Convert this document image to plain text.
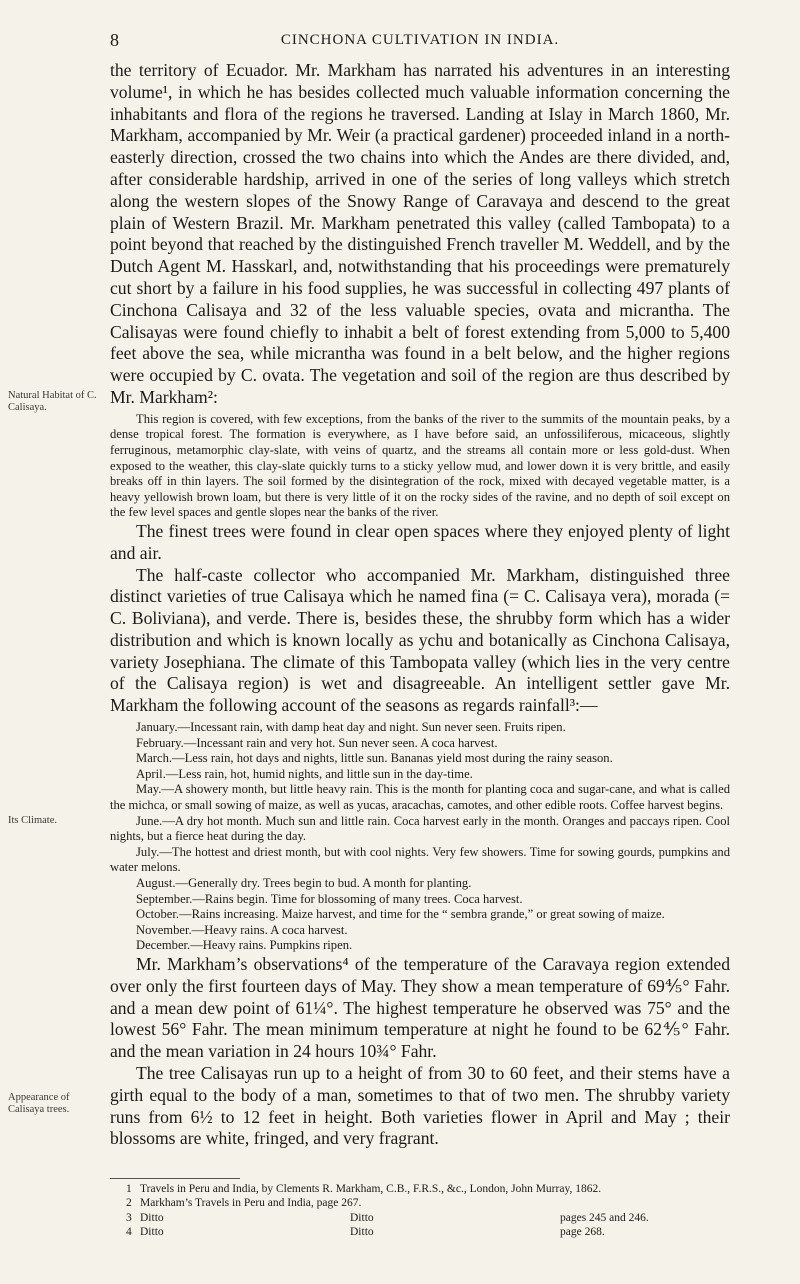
8	CINCHONA CULTIVATION IN INDIA.
Natural Habitat of C. Calisaya.
Its Climate.
Appearance of Calisaya trees.

the territory of Ecuador. Mr. Markham has narrated his adventures in an interesting volume¹, in which he has besides collected much valuable information concerning the inhabitants and flora of the regions he traversed. Landing at Islay in March 1860, Mr. Markham, accompanied by Mr. Weir (a practical gardener) proceeded inland in a north-easterly direction, crossed the two chains into which the Andes are there divided, and, after considerable hardship, arrived in one of the series of long valleys which stretch along the western slopes of the Snowy Range of Caravaya and descend to the great plain of Western Brazil. Mr. Markham penetrated this valley (called Tambopata) to a point beyond that reached by the distinguished French traveller M. Weddell, and by the Dutch Agent M. Hasskarl, and, notwithstanding that his proceedings were prematurely cut short by a failure in his food supplies, he was successful in collecting 497 plants of Cinchona Calisaya and 32 of the less valuable species, ovata and micrantha. The Calisayas were found chiefly to inhabit a belt of forest extending from 5,000 to 5,400 feet above the sea, while micrantha was found in a belt below, and the higher regions were occupied by C. ovata. The vegetation and soil of the region are thus described by Mr. Markham²:

This region is covered, with few exceptions, from the banks of the river to the summits of the mountain peaks, by a dense tropical forest. The formation is everywhere, as I have before said, an unfossiliferous, micaceous, slightly ferruginous, metamorphic clay-slate, with veins of quartz, and the streams all contain more or less gold-dust. When exposed to the weather, this clay-slate quickly turns to a sticky yellow mud, and lower down it is very brittle, and easily breaks off in thin layers. The soil formed by the disintegration of the rock, mixed with decayed vegetable matter, is a heavy yellowish brown loam, but there is very little of it on the rocky sides of the ravine, and no depth of soil except on the few level spaces and gentle slopes near the banks of the river.

The finest trees were found in clear open spaces where they enjoyed plenty of light and air.

The half-caste collector who accompanied Mr. Markham, distinguished three distinct varieties of true Calisaya which he named fina (= C. Calisaya vera), morada (= C. Boliviana), and verde. There is, besides these, the shrubby form which has a wider distribution and which is known locally as ychu and botanically as Cinchona Calisaya, variety Josephiana. The climate of this Tambopata valley (which lies in the very centre of the Calisaya region) is wet and disagreeable. An intelligent settler gave Mr. Markham the following account of the seasons as regards rainfall³:—

January.—Incessant rain, with damp heat day and night. Sun never seen. Fruits ripen.

February.—Incessant rain and very hot. Sun never seen. A coca harvest.

March.—Less rain, hot days and nights, little sun. Bananas yield most during the rainy season.

April.—Less rain, hot, humid nights, and little sun in the day-time.

May.—A showery month, but little heavy rain. This is the month for planting coca and sugar-cane, and what is called the michca, or small sowing of maize, as well as yucas, aracachas, camotes, and other edible roots. Coffee harvest begins.

June.—A dry hot month. Much sun and little rain. Coca harvest early in the month. Oranges and paccays ripen. Cool nights, but a fierce heat during the day.

July.—The hottest and driest month, but with cool nights. Very few showers. Time for sowing gourds, pumpkins and water melons.

August.—Generally dry. Trees begin to bud. A month for planting.

September.—Rains begin. Time for blossoming of many trees. Coca harvest.

October.—Rains increasing. Maize harvest, and time for the “ sembra grande,” or great sowing of maize.

November.—Heavy rains. A coca harvest.

December.—Heavy rains. Pumpkins ripen.

Mr. Markham’s observations⁴ of the temperature of the Caravaya region extended over only the first fourteen days of May. They show a mean temperature of 69⅘° Fahr. and a mean dew point of 61¼°. The highest temperature he observed was 75° and the lowest 56° Fahr. The mean minimum temperature at night he found to be 62⅘° Fahr. and the mean variation in 24 hours 10¾° Fahr.

The tree Calisayas run up to a height of from 30 to 60 feet, and their stems have a girth equal to the body of a man, sometimes to that of two men. The shrubby variety runs from 6½ to 12 feet in height. Both varieties flower in April and May ; their blossoms are white, fringed, and very fragrant.

1 Travels in Peru and India, by Clements R. Markham, C.B., F.R.S., &c., London, John Murray, 1862.
2 Markham’s Travels in Peru and India, page 267.
3 Ditto	Ditto	pages 245 and 246.
4 Ditto	Ditto	page 268.
